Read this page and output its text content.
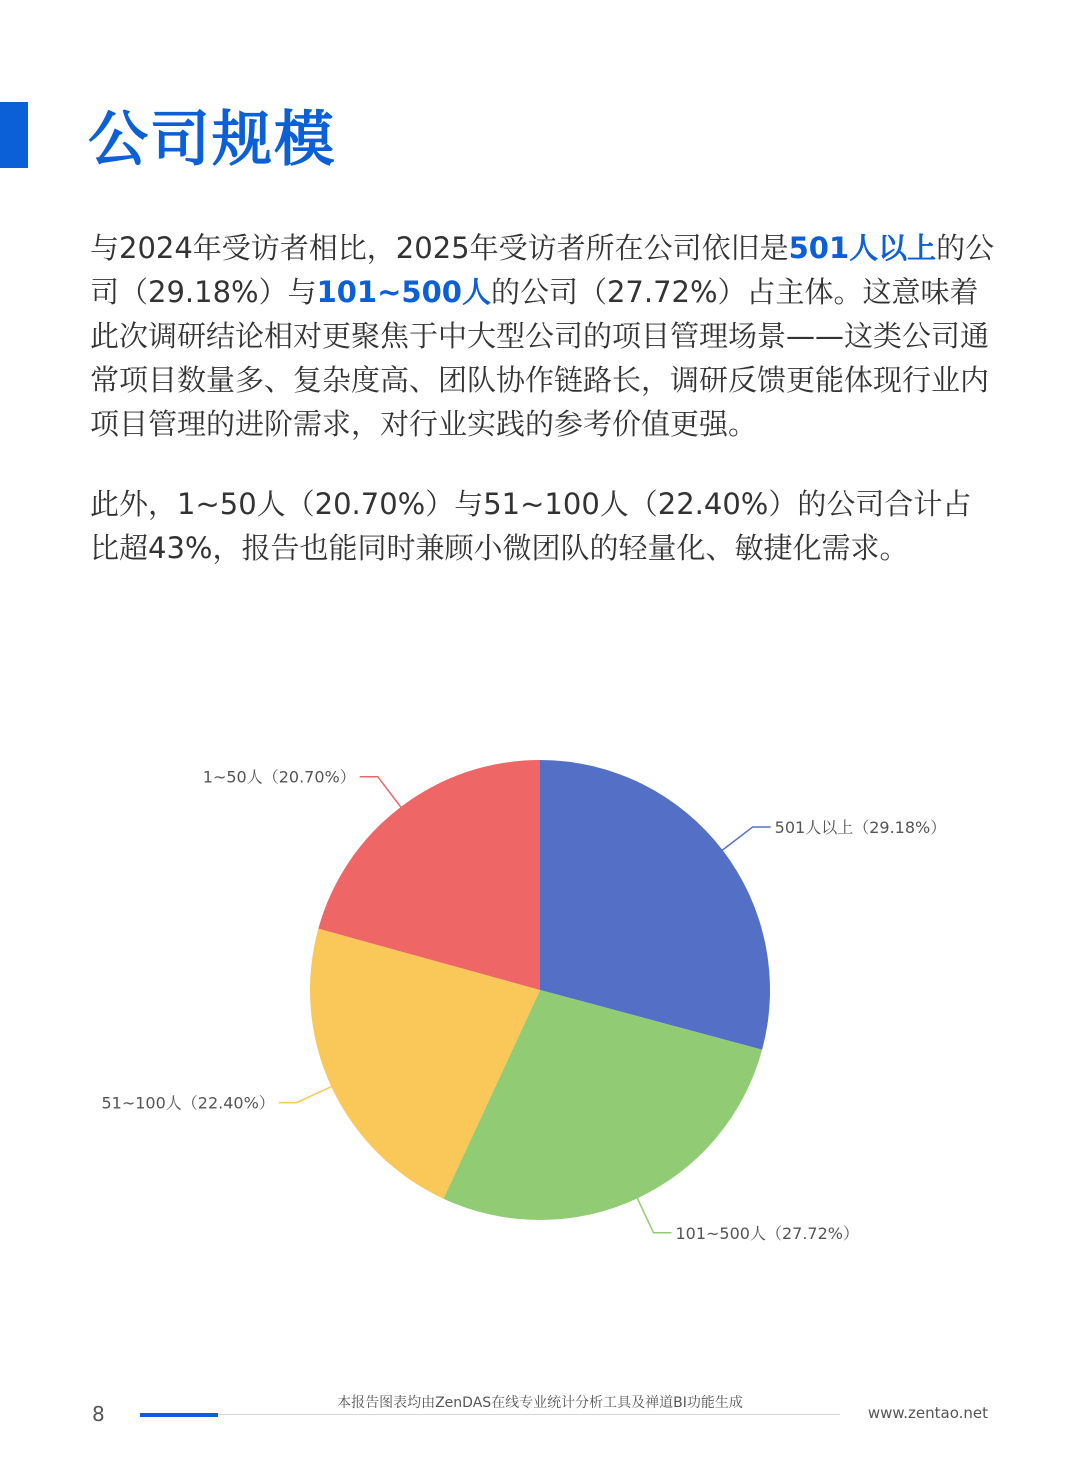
公司规模

与2024年受访者相比，2025年受访者所在公司依旧是501人以上的公司（29.18%）与101~500人的公司（27.72%）占主体。这意味着此次调研结论相对更聚焦于中大型公司的项目管理场景——这类公司通常项目数量多、复杂度高、团队协作链路长，调研反馈更能体现行业内项目管理的进阶需求，对行业实践的参考价值更强。

此外，1~50人（20.70%）与51~100人（22.40%）的公司合计占比超43%，报告也能同时兼顾小微团队的轻量化、敏捷化需求。

501人以上（29.18%）
101~500人（27.72%）
51~100人（22.40%）
1~50人（20.70%）
8	本报告图表均由ZenDAS在线专业统计分析工具及禅道BI功能生成
www.zentao.net
